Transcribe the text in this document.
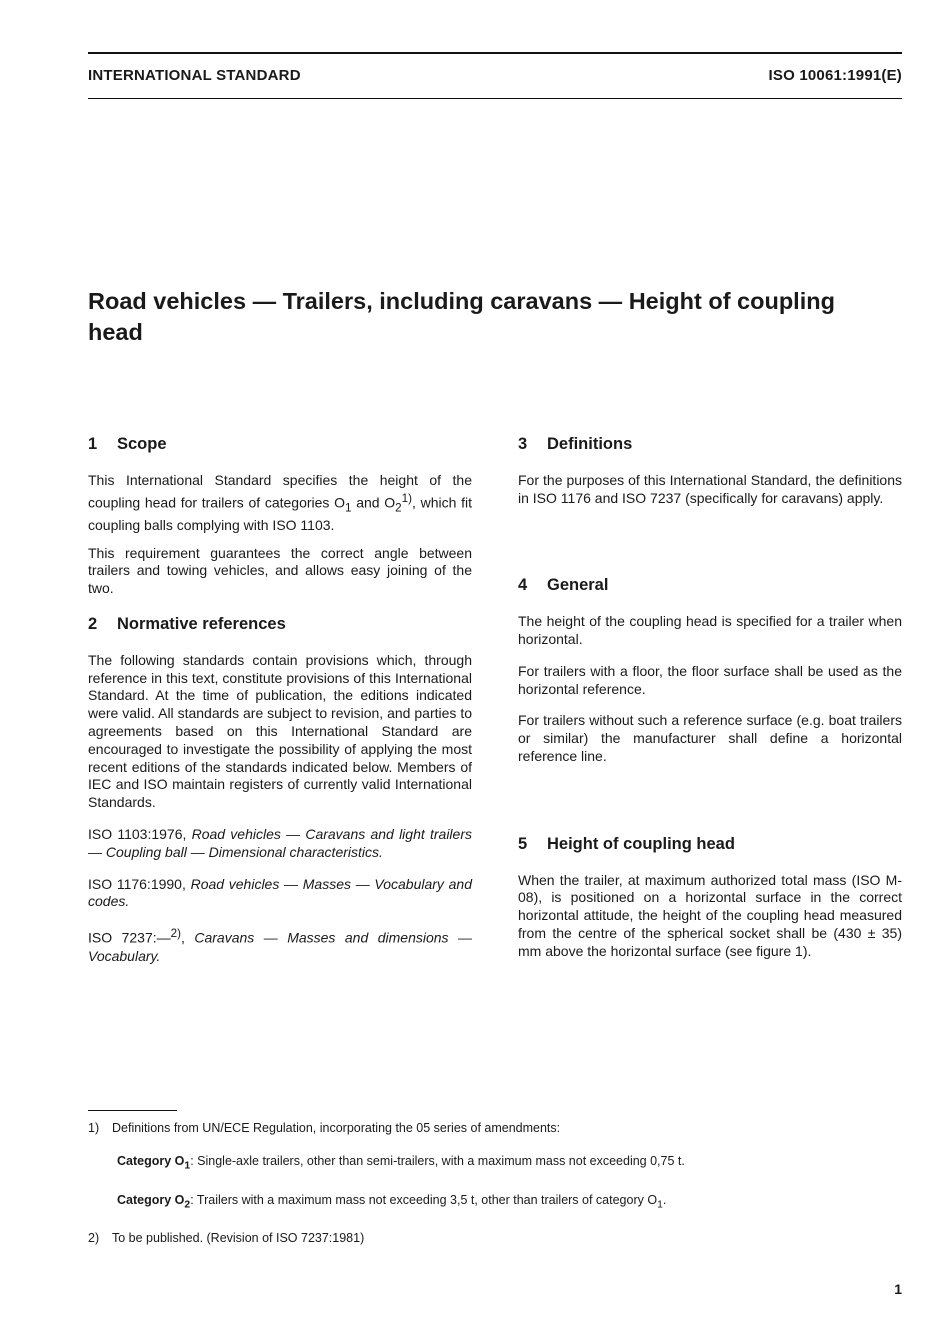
INTERNATIONAL STANDARD	ISO 10061:1991(E)
Road vehicles — Trailers, including caravans — Height of coupling head
1	Scope

This International Standard specifies the height of the coupling head for trailers of categories $O_1$ and $O_2^{1)}$, which fit coupling balls complying with ISO 1103.

This requirement guarantees the correct angle between trailers and towing vehicles, and allows easy joining of the two.

2	Normative references

The following standards contain provisions which, through reference in this text, constitute provisions of this International Standard. At the time of publication, the editions indicated were valid. All standards are subject to revision, and parties to agreements based on this International Standard are encouraged to investigate the possibility of applying the most recent editions of the standards indicated below. Members of IEC and ISO maintain registers of currently valid International Standards.

ISO 1103:1976, Road vehicles — Caravans and light trailers — Coupling ball — Dimensional characteristics.

ISO 1176:1990, Road vehicles — Masses — Vocabulary and codes.

ISO 7237:—$^{2)}$, Caravans — Masses and dimensions — Vocabulary.

3	Definitions

For the purposes of this International Standard, the definitions in ISO 1176 and ISO 7237 (specifically for caravans) apply.

4	General

The height of the coupling head is specified for a trailer when horizontal.

For trailers with a floor, the floor surface shall be used as the horizontal reference.

For trailers without such a reference surface (e.g. boat trailers or similar) the manufacturer shall define a horizontal reference line.

5	Height of coupling head

When the trailer, at maximum authorized total mass (ISO M-08), is positioned on a horizontal surface in the correct horizontal attitude, the height of the coupling head measured from the centre of the spherical socket shall be (430 ± 35) mm above the horizontal surface (see figure 1).

1) Definitions from UN/ECE Regulation, incorporating the 05 series of amendments:

Category $O_1$: Single-axle trailers, other than semi-trailers, with a maximum mass not exceeding 0,75 t.

Category $O_2$: Trailers with a maximum mass not exceeding 3,5 t, other than trailers of category $O_1$.

2) To be published. (Revision of ISO 7237:1981)

1
